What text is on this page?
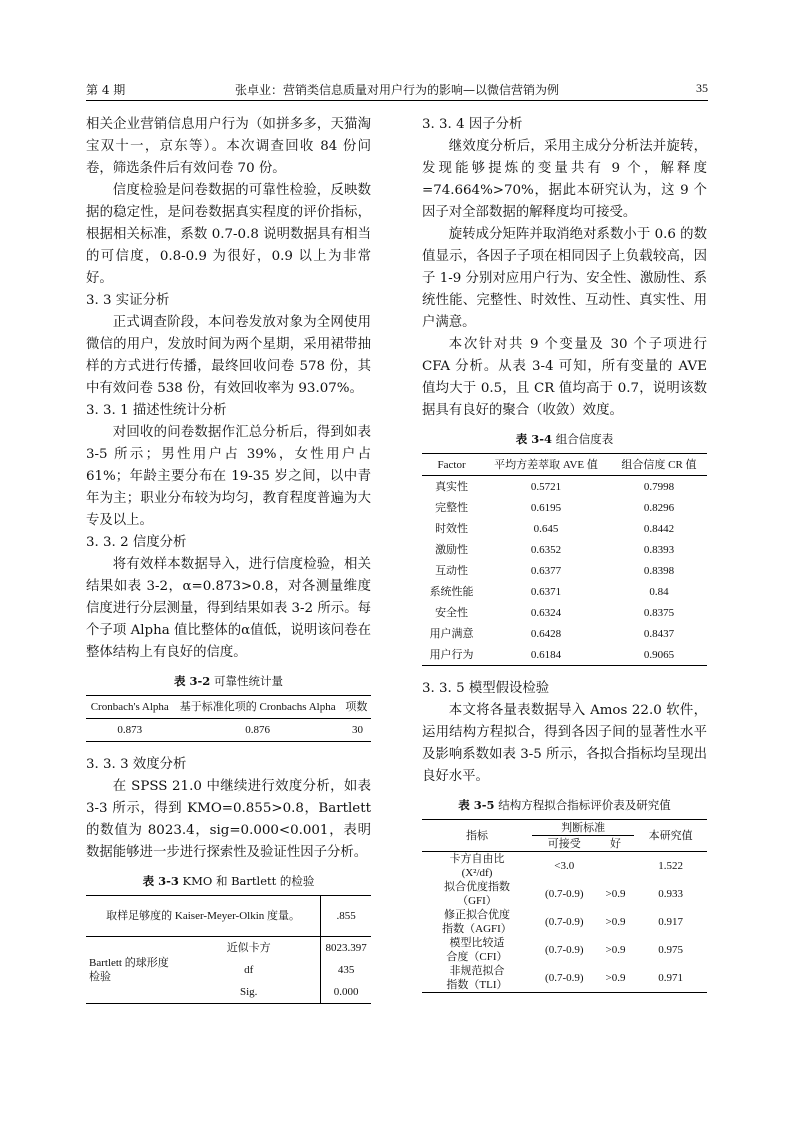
第 4 期	张卓业：营销类信息质量对用户行为的影响—以微信营销为例	35

相关企业营销信息用户行为（如拼多多，天猫淘宝双十一，京东等）。本次调查回收 84 份问卷，筛选条件后有效问卷 70 份。

信度检验是问卷数据的可靠性检验，反映数据的稳定性，是问卷数据真实程度的评价指标，根据相关标准，系数 0.7-0.8 说明数据具有相当的可信度，0.8-0.9 为很好，0.9 以上为非常好。

3. 3 实证分析

正式调查阶段，本问卷发放对象为全网使用微信的用户，发放时间为两个星期，采用裙带抽样的方式进行传播，最终回收问卷 578 份，其中有效问卷 538 份，有效回收率为 93.07%。

3. 3. 1 描述性统计分析

对回收的问卷数据作汇总分析后，得到如表 3-5 所示；男性用户占 39%，女性用户占 61%；年龄主要分布在 19-35 岁之间，以中青年为主；职业分布较为均匀，教育程度普遍为大专及以上。

3. 3. 2 信度分析

将有效样本数据导入，进行信度检验，相关结果如表 3-2，α=0.873>0.8，对各测量维度信度进行分层测量，得到结果如表 3-2 所示。每个子项 Alpha 值比整体的α值低，说明该问卷在整体结构上有良好的信度。

表 3-2 可靠性统计量
Cronbach's Alpha	基于标准化项的 Cronbachs Alpha	项数
0.873	0.876	30
3. 3. 3 效度分析

在 SPSS 21.0 中继续进行效度分析，如表 3-3 所示，得到 KMO=0.855>0.8，Bartlett 的数值为 8023.4，sig=0.000<0.001，表明数据能够进一步进行探索性及验证性因子分析。

表 3-3 KMO 和 Bartlett 的检验
取样足够度的 Kaiser-Meyer-Olkin 度量。		.855
Bartlett 的球形度检验	近似卡方	8023.397
	df	435
	Sig.	0.000
3. 3. 4 因子分析

继效度分析后，采用主成分分析法并旋转，发现能够提炼的变量共有 9 个，解释度=74.664%>70%，据此本研究认为，这 9 个因子对全部数据的解释度均可接受。

旋转成分矩阵并取消绝对系数小于 0.6 的数值显示，各因子子项在相同因子上负载较高，因子 1-9 分别对应用户行为、安全性、激励性、系统性能、完整性、时效性、互动性、真实性、用户满意。

本次针对共 9 个变量及 30 个子项进行 CFA 分析。从表 3-4 可知，所有变量的 AVE 值均大于 0.5，且 CR 值均高于 0.7，说明该数据具有良好的聚合（收敛）效度。

表 3-4 组合信度表
Factor	平均方差萃取 AVE 值	组合信度 CR 值
真实性	0.5721	0.7998
完整性	0.6195	0.8296
时效性	0.645	0.8442
激励性	0.6352	0.8393
互动性	0.6377	0.8398
系统性能	0.6371	0.84
安全性	0.6324	0.8375
用户满意	0.6428	0.8437
用户行为	0.6184	0.9065
3. 3. 5 模型假设检验

本文将各量表数据导入 Amos 22.0 软件，运用结构方程拟合，得到各因子间的显著性水平及影响系数如表 3-5 所示，各拟合指标均呈现出良好水平。

表 3-5 结构方程拟合指标评价表及研究值
指标	判断标准		本研究值
	可接受	好	
卡方自由比
(X²/df)	<3.0		1.522
拟合优度指数
（GFI）	(0.7-0.9)	>0.9	0.933
修正拟合优度
指数（AGFI）	(0.7-0.9)	>0.9	0.917
模型比较适
合度（CFI）	(0.7-0.9)	>0.9	0.975
非规范拟合
指数（TLI）	(0.7-0.9)	>0.9	0.971
